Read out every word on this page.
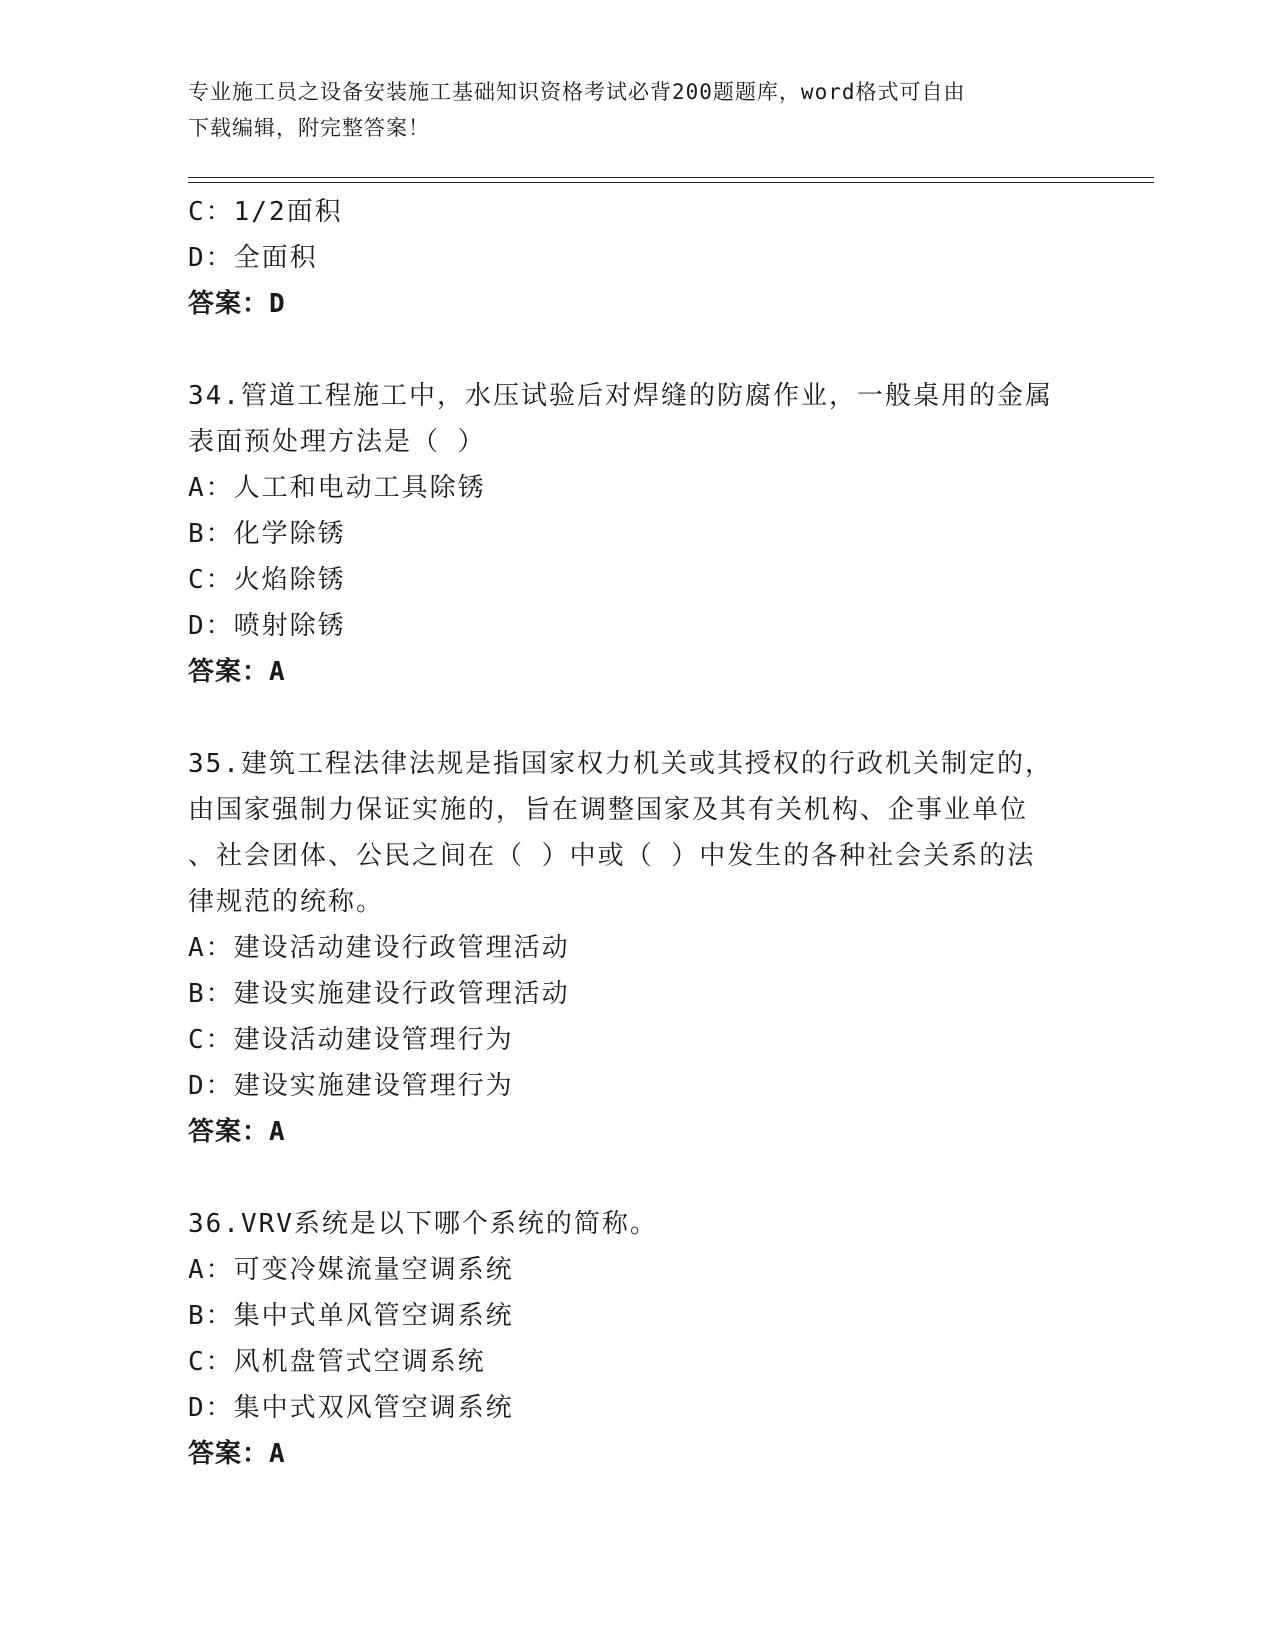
专业施工员之设备安装施工基础知识资格考试必背200题题库，word格式可自由
下载编辑，附完整答案！
C：1/2面积
D：全面积
答案：D
34.管道工程施工中，水压试验后对焊缝的防腐作业，一般桌用的金属
表面预处理方法是（ ）
A：人工和电动工具除锈
B：化学除锈
C：火焰除锈
D：喷射除锈
答案：A
35.建筑工程法律法规是指国家权力机关或其授权的行政机关制定的，
由国家强制力保证实施的，旨在调整国家及其有关机构、企事业单位
、社会团体、公民之间在（ ）中或（ ）中发生的各种社会关系的法
律规范的统称。
A：建设活动建设行政管理活动
B：建设实施建设行政管理活动
C：建设活动建设管理行为
D：建设实施建设管理行为
答案：A
36.VRV系统是以下哪个系统的简称。
A：可变冷媒流量空调系统
B：集中式单风管空调系统
C：风机盘管式空调系统
D：集中式双风管空调系统
答案：A
